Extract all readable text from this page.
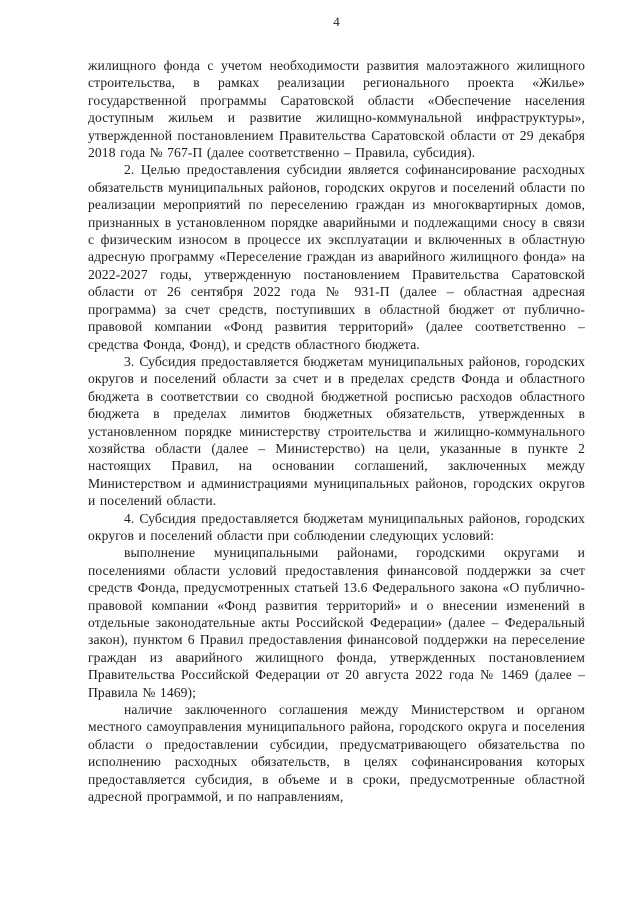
4

жилищного фонда с учетом необходимости развития малоэтажного жилищного строительства, в рамках реализации регионального проекта «Жилье» государственной программы Саратовской области «Обеспечение населения доступным жильем и развитие жилищно-коммунальной инфраструктуры», утвержденной постановлением Правительства Саратовской области от 29 декабря 2018 года № 767-П (далее соответственно – Правила, субсидия).

2. Целью предоставления субсидии является софинансирование расходных обязательств муниципальных районов, городских округов и поселений области по реализации мероприятий по переселению граждан из многоквартирных домов, признанных в установленном порядке аварийными и подлежащими сносу в связи с физическим износом в процессе их эксплуатации и включенных в областную адресную программу «Переселение граждан из аварийного жилищного фонда» на 2022-2027 годы, утвержденную постановлением Правительства Саратовской области от 26 сентября 2022 года № 931-П (далее – областная адресная программа) за счет средств, поступивших в областной бюджет от публично-правовой компании «Фонд развития территорий» (далее соответственно – средства Фонда, Фонд), и средств областного бюджета.

3. Субсидия предоставляется бюджетам муниципальных районов, городских округов и поселений области за счет и в пределах средств Фонда и областного бюджета в соответствии со сводной бюджетной росписью расходов областного бюджета в пределах лимитов бюджетных обязательств, утвержденных в установленном порядке министерству строительства и жилищно-коммунального хозяйства области (далее – Министерство) на цели, указанные в пункте 2 настоящих Правил, на основании соглашений, заключенных между Министерством и администрациями муниципальных районов, городских округов и поселений области.

4. Субсидия предоставляется бюджетам муниципальных районов, городских округов и поселений области при соблюдении следующих условий:

выполнение муниципальными районами, городскими округами и поселениями области условий предоставления финансовой поддержки за счет средств Фонда, предусмотренных статьей 13.6 Федерального закона «О публично-правовой компании «Фонд развития территорий» и о внесении изменений в отдельные законодательные акты Российской Федерации» (далее – Федеральный закон), пунктом 6 Правил предоставления финансовой поддержки на переселение граждан из аварийного жилищного фонда, утвержденных постановлением Правительства Российской Федерации от 20 августа 2022 года № 1469 (далее – Правила № 1469);

наличие заключенного соглашения между Министерством и органом местного самоуправления муниципального района, городского округа и поселения области о предоставлении субсидии, предусматривающего обязательства по исполнению расходных обязательств, в целях софинансирования которых предоставляется субсидия, в объеме и в сроки, предусмотренные областной адресной программой, и по направлениям,
